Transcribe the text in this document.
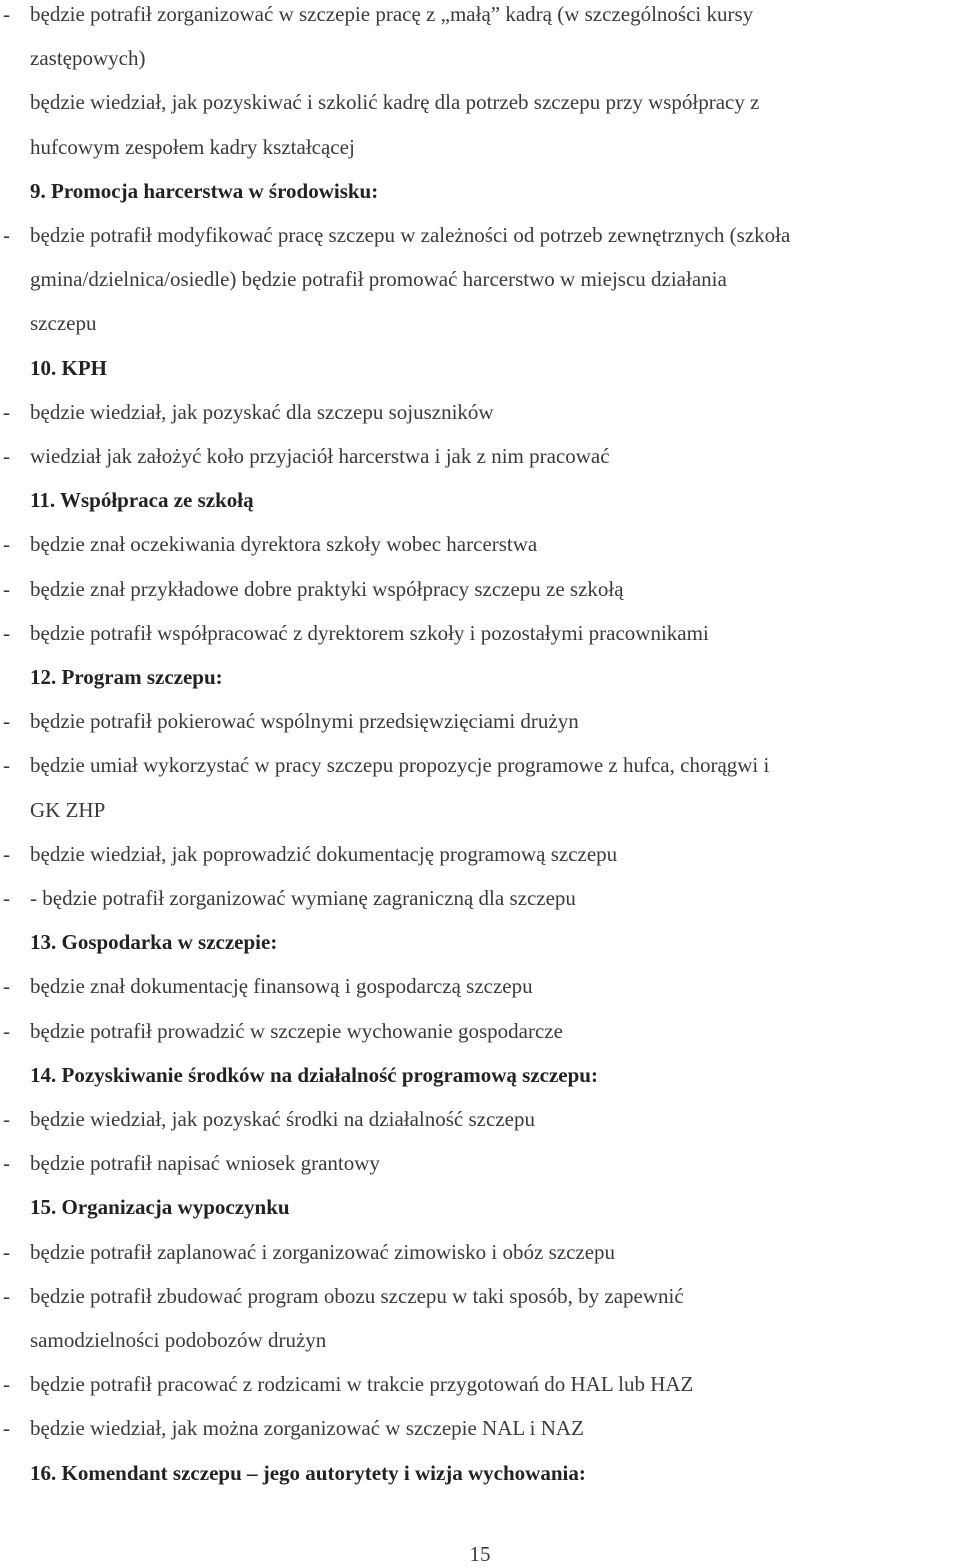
- będzie potrafił zorganizować w szczepie pracę z „małą” kadrą (w szczególności kursy
zastępowych)
będzie wiedział, jak pozyskiwać i szkolić kadrę dla potrzeb szczepu przy współpracy z
hufcowym zespołem kadry kształcącej
9. Promocja harcerstwa w środowisku:
- będzie potrafił modyfikować pracę szczepu w zależności od potrzeb zewnętrznych (szkoła
gmina/dzielnica/osiedle) będzie potrafił promować harcerstwo w miejscu działania
szczepu
10. KPH
- będzie wiedział, jak pozyskać dla szczepu sojuszników
- wiedział jak założyć koło przyjaciół harcerstwa i jak z nim pracować
11. Współpraca ze szkołą
- będzie znał oczekiwania dyrektora szkoły wobec harcerstwa
- będzie znał przykładowe dobre praktyki współpracy szczepu ze szkołą
- będzie potrafił współpracować z dyrektorem szkoły i pozostałymi pracownikami
12. Program szczepu:
- będzie potrafił pokierować wspólnymi przedsięwzięciami drużyn
- będzie umiał wykorzystać w pracy szczepu propozycje programowe z hufca, chorągwi i
GK ZHP
- będzie wiedział, jak poprowadzić dokumentację programową szczepu
- - będzie potrafił zorganizować wymianę zagraniczną dla szczepu
13. Gospodarka w szczepie:
- będzie znał dokumentację finansową i gospodarczą szczepu
- będzie potrafił prowadzić w szczepie wychowanie gospodarcze
14. Pozyskiwanie środków na działalność programową szczepu:
- będzie wiedział, jak pozyskać środki na działalność szczepu
- będzie potrafił napisać wniosek grantowy
15. Organizacja wypoczynku
- będzie potrafił zaplanować i zorganizować zimowisko i obóz szczepu
- będzie potrafił zbudować program obozu szczepu w taki sposób, by zapewnić
samodzielności podobozów drużyn
- będzie potrafił pracować z rodzicami w trakcie przygotowań do HAL lub HAZ
- będzie wiedział, jak można zorganizować w szczepie NAL i NAZ
16. Komendant szczepu – jego autorytety i wizja wychowania:
15
